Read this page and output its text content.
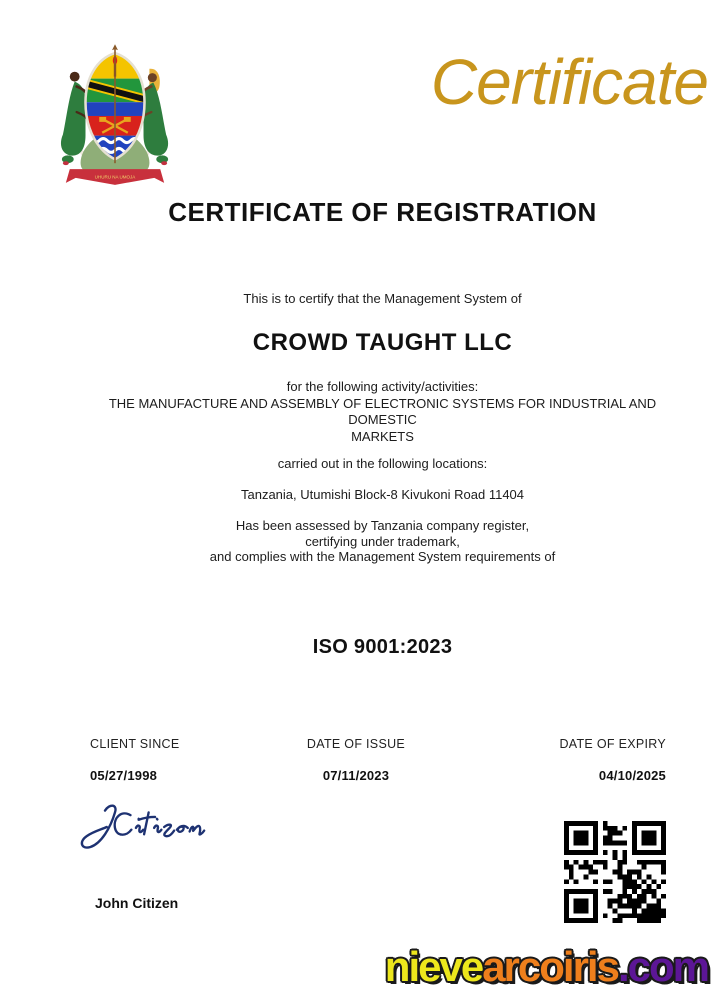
UHURU NA UMOJA
Certificate
CERTIFICATE OF REGISTRATION
This is to certify that the Management System of
CROWD TAUGHT LLC
for the following activity/activities:
THE MANUFACTURE AND ASSEMBLY OF ELECTRONIC SYSTEMS FOR INDUSTRIAL AND
DOMESTIC
MARKETS
carried out in the following locations:
Tanzania, Utumishi Block-8 Kivukoni Road 11404
Has been assessed by Tanzania company register,
certifying under trademark,
and complies with the Management System requirements of
ISO 9001:2023
CLIENT SINCE
05/27/1998
DATE OF ISSUE
07/11/2023
DATE OF EXPIRY
04/10/2025
John Citizen
nievearcoiris.com
